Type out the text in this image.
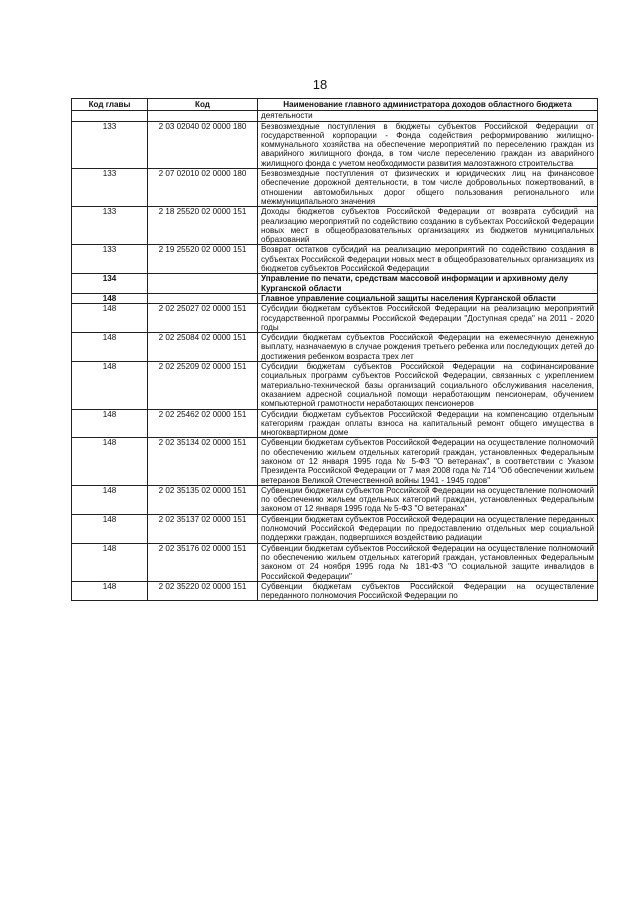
18
Код главы	Код	Наименование главного администратора доходов областного бюджета
		деятельности
133	2 03 02040 02 0000 180	Безвозмездные поступления в бюджеты субъектов Российской Федерации от государственной корпорации - Фонда содействия реформированию жилищно-коммунального хозяйства на обеспечение мероприятий по переселению граждан из аварийного жилищного фонда, в том числе переселению граждан из аварийного жилищного фонда с учетом необходимости развития малоэтажного строительства
133	2 07 02010 02 0000 180	Безвозмездные поступления от физических и юридических лиц на финансовое обеспечение дорожной деятельности, в том числе добровольных пожертвований, в отношении автомобильных дорог общего пользования регионального или межмуниципального значения
133	2 18 25520 02 0000 151	Доходы бюджетов субъектов Российской Федерации от возврата субсидий на реализацию мероприятий по содействию созданию в субъектах Российской Федерации новых мест в общеобразовательных организациях из бюджетов муниципальных образований
133	2 19 25520 02 0000 151	Возврат остатков субсидий на реализацию мероприятий по содействию создания в субъектах Российской Федерации новых мест в общеобразовательных организациях из бюджетов субъектов Российской Федерации
134		Управление по печати, средствам массовой информации и архивному делу Курганской области
148		Главное управление социальной защиты населения Курганской области
148	2 02 25027 02 0000 151	Субсидии бюджетам субъектов Российской Федерации на реализацию мероприятий государственной программы Российской Федерации "Доступная среда" на 2011 - 2020 годы
148	2 02 25084 02 0000 151	Субсидии бюджетам субъектов Российской Федерации на ежемесячную денежную выплату, назначаемую в случае рождения третьего ребенка или последующих детей до достижения ребенком возраста трех лет
148	2 02 25209 02 0000 151	Субсидии бюджетам субъектов Российской Федерации на софинансирование социальных программ субъектов Российской Федерации, связанных с укреплением материально-технической базы организаций социального обслуживания населения, оказанием адресной социальной помощи неработающим пенсионерам, обучением компьютерной грамотности неработающих пенсионеров
148	2 02 25462 02 0000 151	Субсидии бюджетам субъектов Российской Федерации на компенсацию отдельным категориям граждан оплаты взноса на капитальный ремонт общего имущества в многоквартирном доме
148	2 02 35134 02 0000 151	Субвенции бюджетам субъектов Российской Федерации на осуществление полномочий по обеспечению жильем отдельных категорий граждан, установленных Федеральным законом от 12 января 1995 года № 5-ФЗ "О ветеранах", в соответствии с Указом Президента Российской Федерации от 7 мая 2008 года № 714 "Об обеспечении жильем ветеранов Великой Отечественной войны 1941 - 1945 годов"
148	2 02 35135 02 0000 151	Субвенции бюджетам субъектов Российской Федерации на осуществление полномочий по обеспечению жильем отдельных категорий граждан, установленных Федеральным законом от 12 января 1995 года № 5-ФЗ "О ветеранах"
148	2 02 35137 02 0000 151	Субвенции бюджетам субъектов Российской Федерации на осуществление переданных полномочий Российской Федерации по предоставлению отдельных мер социальной поддержки граждан, подвергшихся воздействию радиации
148	2 02 35176 02 0000 151	Субвенции бюджетам субъектов Российской Федерации на осуществление полномочий по обеспечению жильем отдельных категорий граждан, установленных Федеральным законом от 24 ноября 1995 года № 181-ФЗ "О социальной защите инвалидов в Российской Федерации"
148	2 02 35220 02 0000 151	Субвенции бюджетам субъектов Российской Федерации на осуществление переданного полномочия Российской Федерации по
